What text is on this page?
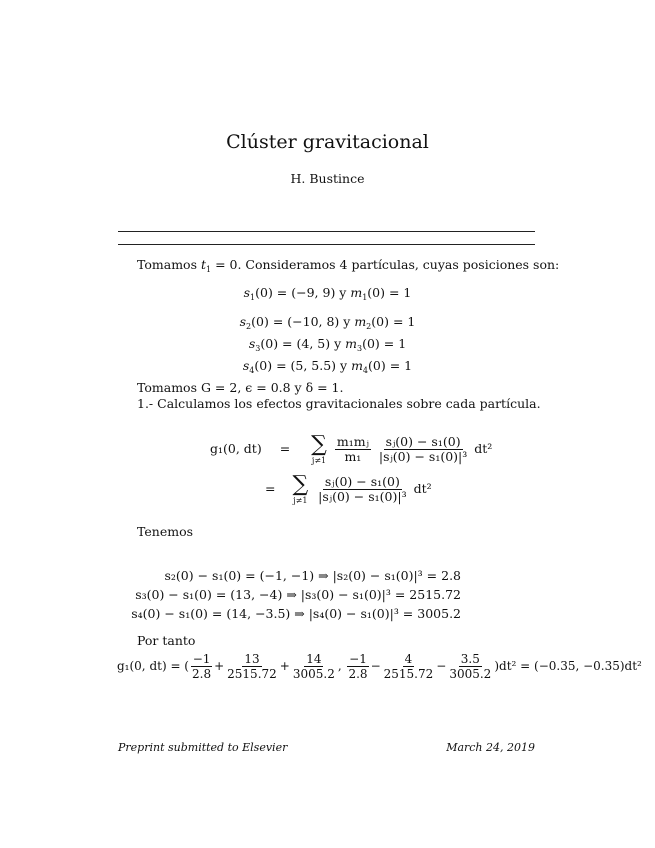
Clúster gravitacional
H. Bustince
Tomamos $t_1 = 0$. Consideramos 4 partículas, cuyas posiciones son:
$s_1(0) = (-9$, 9) y $m_1(0) = 1$
$s_2(0) = (-10$, 8) y $m_2(0) = 1$
$s_3(0) = (4$, 5) y $m_3(0) = 1$
$s_4(0) = (5$, 5.5) y $m_4(0) = 1$
Tomamos G = 2, ϵ = 0.8 y δ = 1.
1.- Calculamos los efectos gravitacionales sobre cada partícula.
g₁(0, dt) = ∑
j≠1
$\frac{\text{m₁mⱼ}}{\text{m₁}}$
$\frac{\text{sⱼ(0) − s₁(0)}}{\text{|sⱼ(0) − s₁(0)|³}} dt^2$
= ∑
j≠1
$\frac{\text{sⱼ(0) − s₁(0)}}{\text{|sⱼ(0) − s₁(0)|³}} dt^2$
Tenemos
s₂(0) − s₁(0) = (−1, −1) ⇒ |s₂(0) − s₁(0)|³ = 2.8
s₃(0) − s₁(0) = (13, −4) ⇒ |s₃(0) − s₁(0)|³ = 2515.72
s₄(0) − s₁(0) = (14, −3.5) ⇒ |s₄(0) − s₁(0)|³ = 3005.2
Por tanto
g₁(0, dt) = ( $\frac{-1}{2.8} + \frac{13}{2515.72} + \frac{14}{3005.2}$ , $\frac{-1}{2.8} - \frac{4}{2515.72} - \frac{3.5}{3005.2} )dt^2 = (-0.35$, −0.35)dt²
Preprint submitted to Elsevier	March 24, 2019
